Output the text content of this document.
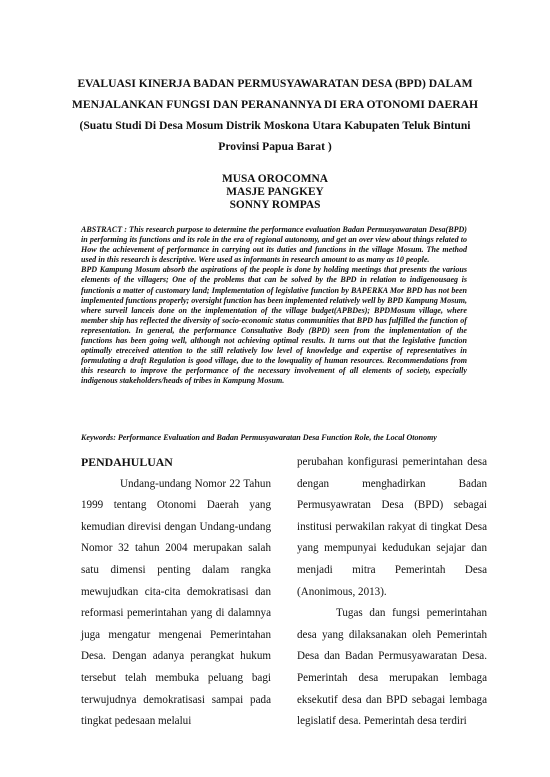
EVALUASI KINERJA BADAN PERMUSYAWARATAN DESA (BPD) DALAM
MENJALANKAN FUNGSI DAN PERANANNYA DI ERA OTONOMI DAERAH
(Suatu Studi Di Desa Mosum Distrik Moskona Utara Kabupaten Teluk Bintuni
Provinsi Papua Barat )
MUSA OROCOMNA
MASJE PANGKEY
SONNY ROMPAS

ABSTRACT : This research purpose to determine the performance evaluation Badan Permusyawaratan Desa(BPD) in performing its functions and its role in the era of regional autonomy, and get an over view about things related to How the achievement of performance in carrying out its duties and functions in the village Mosum. The method used in this research is descriptive. Were used as informants in research amount to as many as 10 people.

BPD Kampung Mosum absorb the aspirations of the people is done by holding meetings that presents the various elements of the villagers; One of the problems that can be solved by the BPD in relation to indigenousaeg is functionis a matter of customary land; Implementation of legislative function by BAPERKA Mor BPD has not been implemented functions properly; oversight function has been implemented relatively well by BPD Kampung Mosum, where surveil lanceis done on the implementation of the village budget(APBDes); BPDMosum village, where member ship has reflected the diversity of socio-economic status communities that BPD has fulfilled the function of representation. In general, the performance Consultative Body (BPD) seen from the implementation of the functions has been going well, although not achieving optimal results. It turns out that the legislative function optimally etreceived attention to the still relatively low level of knowledge and expertise of representatives in formulating a draft Regulation is good village, due to the lowquality of human resources. Recommendations from this research to improve the performance of the necessary involvement of all elements of society, especially indigenous stakeholders/heads of tribes in Kampung Mosum.

Keywords: Performance Evaluation and Badan Permusyawaratan Desa Function Role, the Local Otonomy

PENDAHULUAN

Undang-undang Nomor 22 Tahun 1999 tentang Otonomi Daerah yang kemudian direvisi dengan Undang-undang Nomor 32 tahun 2004 merupakan salah satu dimensi penting dalam rangka mewujudkan cita-cita demokratisasi dan reformasi pemerintahan yang di dalamnya juga mengatur mengenai Pemerintahan Desa. Dengan adanya perangkat hukum tersebut telah membuka peluang bagi terwujudnya demokratisasi sampai pada tingkat pedesaan melalui

perubahan konfigurasi pemerintahan desa dengan menghadirkan Badan Permusyawratan Desa (BPD) sebagai institusi perwakilan rakyat di tingkat Desa yang mempunyai kedudukan sejajar dan menjadi mitra Pemerintah Desa (Anonimous, 2013).

Tugas dan fungsi pemerintahan desa yang dilaksanakan oleh Pemerintah Desa dan Badan Permusyawaratan Desa. Pemerintah desa merupakan lembaga eksekutif desa dan BPD sebagai lembaga legislatif desa. Pemerintah desa terdiri
